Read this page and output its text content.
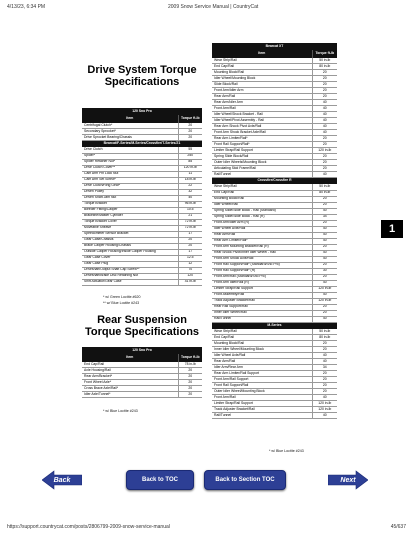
4/13/23, 6:34 PM	2009 Snow Service Manual | CountryCat
Drive System Torque
Specifications
120 Sno Pro	
Item	Torque ft-lb
Centrifugal Clutch*	20
Secondary Sprocket*	20
Drive Sprocket Bearing/Chassis	20
Bearcat/F-Series/M-Series/Crossfire/T-Series/Z1	
Drive Clutch	55
Spider*	250
Spider Retainer Nut*	85
Drive Clutch Cover**	120 in-lb
Cam Arm Pin Lock Nut	11
Cam Arm Set Screw*	18 in-lb
Drive Clutch/Ring Gear*	22
Driven Pulley	32
Driven Shaft Jam Nut	40
Torque Bracket	96 in-lb
Bleeder Fitting/Caliper	10.5
Brakeline/Master Cylinder	21
Torque Bracket Cover	72 in-lb
Moveable Sheave	72 in-lb
Speedometer Sensor Bracket	17
Gear Case/Chassis	20
Brake Caliper Housing/Chassis	20
Outside Caliper Housing/Inside Caliper Housing	17
Gear Case Cover	12.5
Gear Case Plug	12
Driveshaft/Output Shaft Cap Screw**	70
Driveshaft/Brake Disc Retaining Nut	120
Shift Actuator/Gear Case	41 in-lb
* w/ Green Loctite #620
** w/ Blue Loctite #243
Rear Suspension
Torque Specifications
120 Sno Pro	
Item	Torque ft-lb
End Cap/Rail	78 in-lb
Axle Housing/Rail	20
Rear Arm/Bracket*	20
Front Wheel Axle*	20
Cross Brace Axle/Rail*	20
Idler Axle/Tunnel*	20
* w/ Blue Loctite #243
Bearcat XT	
Item	Torque ft-lb
Wear Strip/Rail	50 in-lb
End Cap/Rail	80 in-lb
Mounting Block/Rail	20
Idler Wheel/Mounting Block	20
Slide Block/Rail	20
Front Arm/Idler Arm	20
Rear Arm/Rail	20
Rear Arm/Idler Arm	40
Front Arm/Rail	40
Idler Wheel/Shock Bracket - Rail	40
Idler Wheel/Pivot Assembly - Rail	40
Rear Arm Shock Pivot Axle/Rail	40
Front Arm Shock Bracket Axle/Rail	40
Rear Arm Limiter/Rail*	20
Front Rail Support/Rail*	20
Limiter Strap/Rail Support	120 in-lb
Spring Slide Block/Rail	20
Outer Idler Wheels/Mounting Block	20
Articulating Skid Frame/Rail	20
Rail/Tunnel	40
Crossfire/Crossfire R	
Wear Strip/Rail	50 in-lb
End Cap/Rail	80 in-lb
Mounting Block/Rail	20
Idler Wheel/Rail	20
Spring Slide/Slide Block - Rail (Standard)	40
Spring Slide/Slide Block - Rail (R)	34
Front Arm/Idler Arm (R)	20
Idler Wheel Axle/Rail	40
Rear Arm/Rail	40
Rear Arm Limiter/Rail*	40
Front Arm Mounting Bracket/Rail (R)	20
Rear Shock Pivot/Inner Idler Wheel - Rail	40
Front Arm Shock Axle/Rail	40
Front Rail Support/Rail* (Standard/Sno Pro)	20
Front Rail Support/Rail* (R)	30
Front Arm/Rail (Standard/Sno Pro)	20
Front Arm Idler/Rail (R)	40
Limiter Strap/Rail Support	120 in-lb
Front Assembly/Rail	40
Track Adjuster Bracket/Rail	120 in-lb
Rear Rail Support/Rail	20
Inner Idler Wheel/Rail	20
Rail/Tunnel	40
M-Series	
Wear Strip/Rail	50 in-lb
End Cap/Rail	80 in-lb
Mounting Block/Rail	20
Inner Idler Wheel/Mounting Block	20
Idler Wheel Axle/Rail	40
Rear Arm/Rail	40
Idler Arm/Rear Arm	34
Rear Arm Limiter/Rail Support	20
Front Arm/Rail Support	20
Front Rail Support/Rail	20
Outer Idler Wheel/Mounting Block	20
Front Arm/Rail	40
Limiter Strap/Rail Support	120 in-lb
Track Adjuster Bracket/Rail	120 in-lb
Rail/Tunnel	40
* w/ Blue Loctite #243
1
Back	Back to TOC	Back to Section TOC	Next
https://support.countrycat.com/posts/2806799-2009-snow-service-manual	45/637
